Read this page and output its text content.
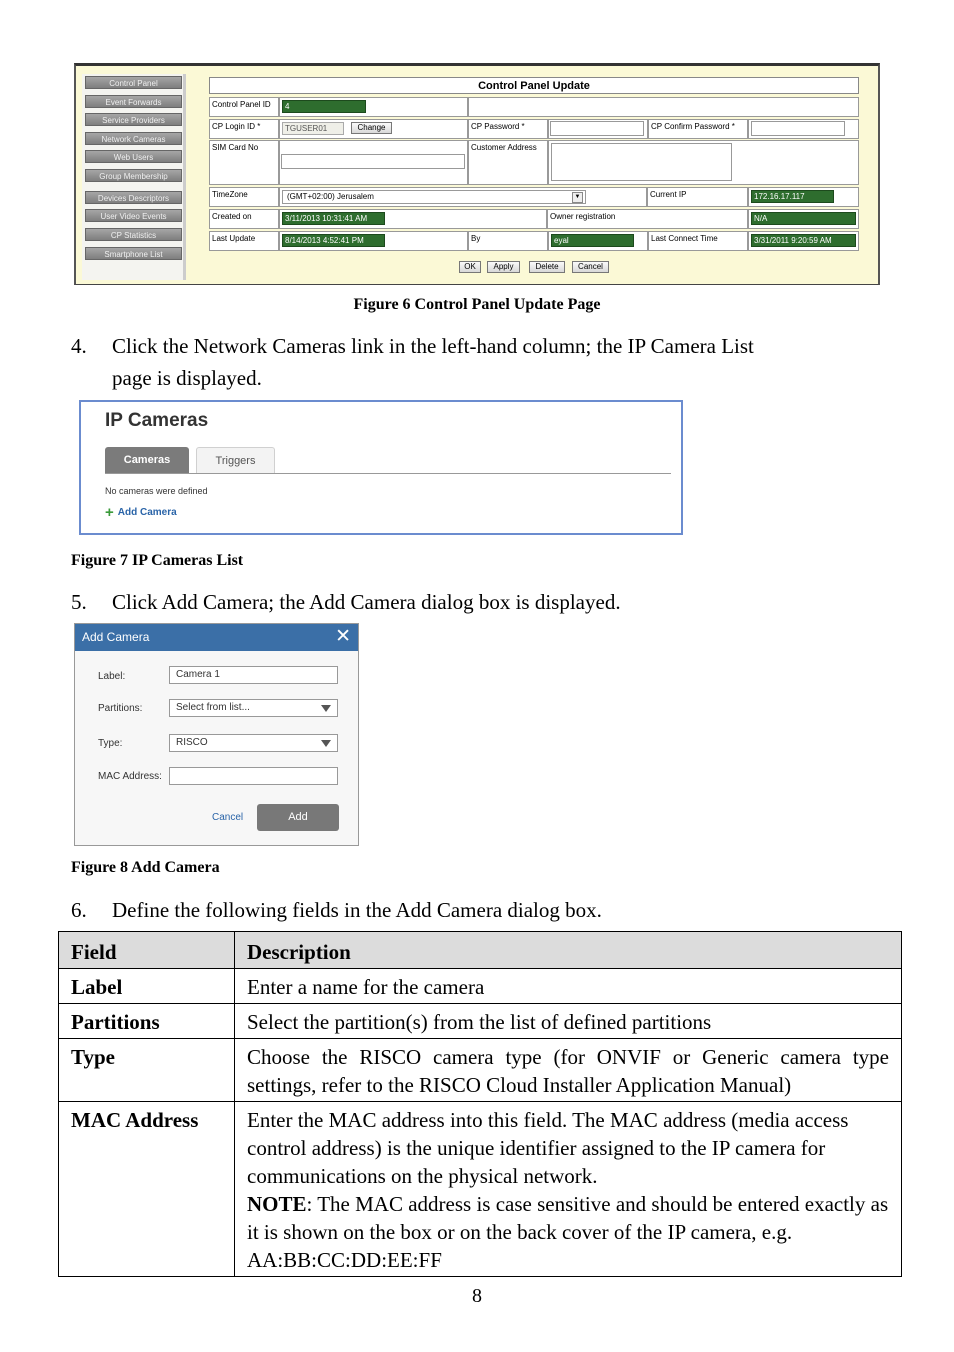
Control Panel
Event Forwards
Service Providers
Network Cameras
Web Users
Group Membership
Devices Descriptors
User Video Events
CP Statistics
Smartphone List
Control Panel Update
Control Panel ID	4
CP Login ID *	TGUSER01	Change	CP Password *	CP Confirm Password *
SIM Card No	Customer Address
TimeZone	(GMT+02:00) Jerusalem	▼	Current IP	172.16.17.117
Created on	3/11/2013 10:31:41 AM	Owner registration	N/A
Last Update	8/14/2013 4:52:41 PM	By	eyal	Last Connect Time	3/31/2011 9:20:59 AM
OK	Apply	Delete	Cancel
Figure 6 Control Panel Update Page
4. Click the Network Cameras link in the left-hand column; the IP Camera List
page is displayed.
IP Cameras
Cameras	Triggers
No cameras were defined
+ Add Camera
Figure 7 IP Cameras List
5. Click Add Camera; the Add Camera dialog box is displayed.
Add Camera	✕
Label:	Camera 1
Partitions:	Select from list...
Type:	RISCO
MAC Address:
Cancel	Add
Figure 8 Add Camera
6. Define the following fields in the Add Camera dialog box.
Field	Description
Label	Enter a name for the camera
Partitions	Select the partition(s) from the list of defined partitions
Type	Choose the RISCO camera type (for ONVIF or Generic camera type settings, refer to the RISCO Cloud Installer Application Manual)
MAC Address	Enter the MAC address into this field. The MAC address (media access control address) is the unique identifier assigned to the IP camera for communications on the physical network.
NOTE: The MAC address is case sensitive and should be entered exactly as it is shown on the box or on the back cover of the IP camera, e.g. AA:BB:CC:DD:EE:FF
8
